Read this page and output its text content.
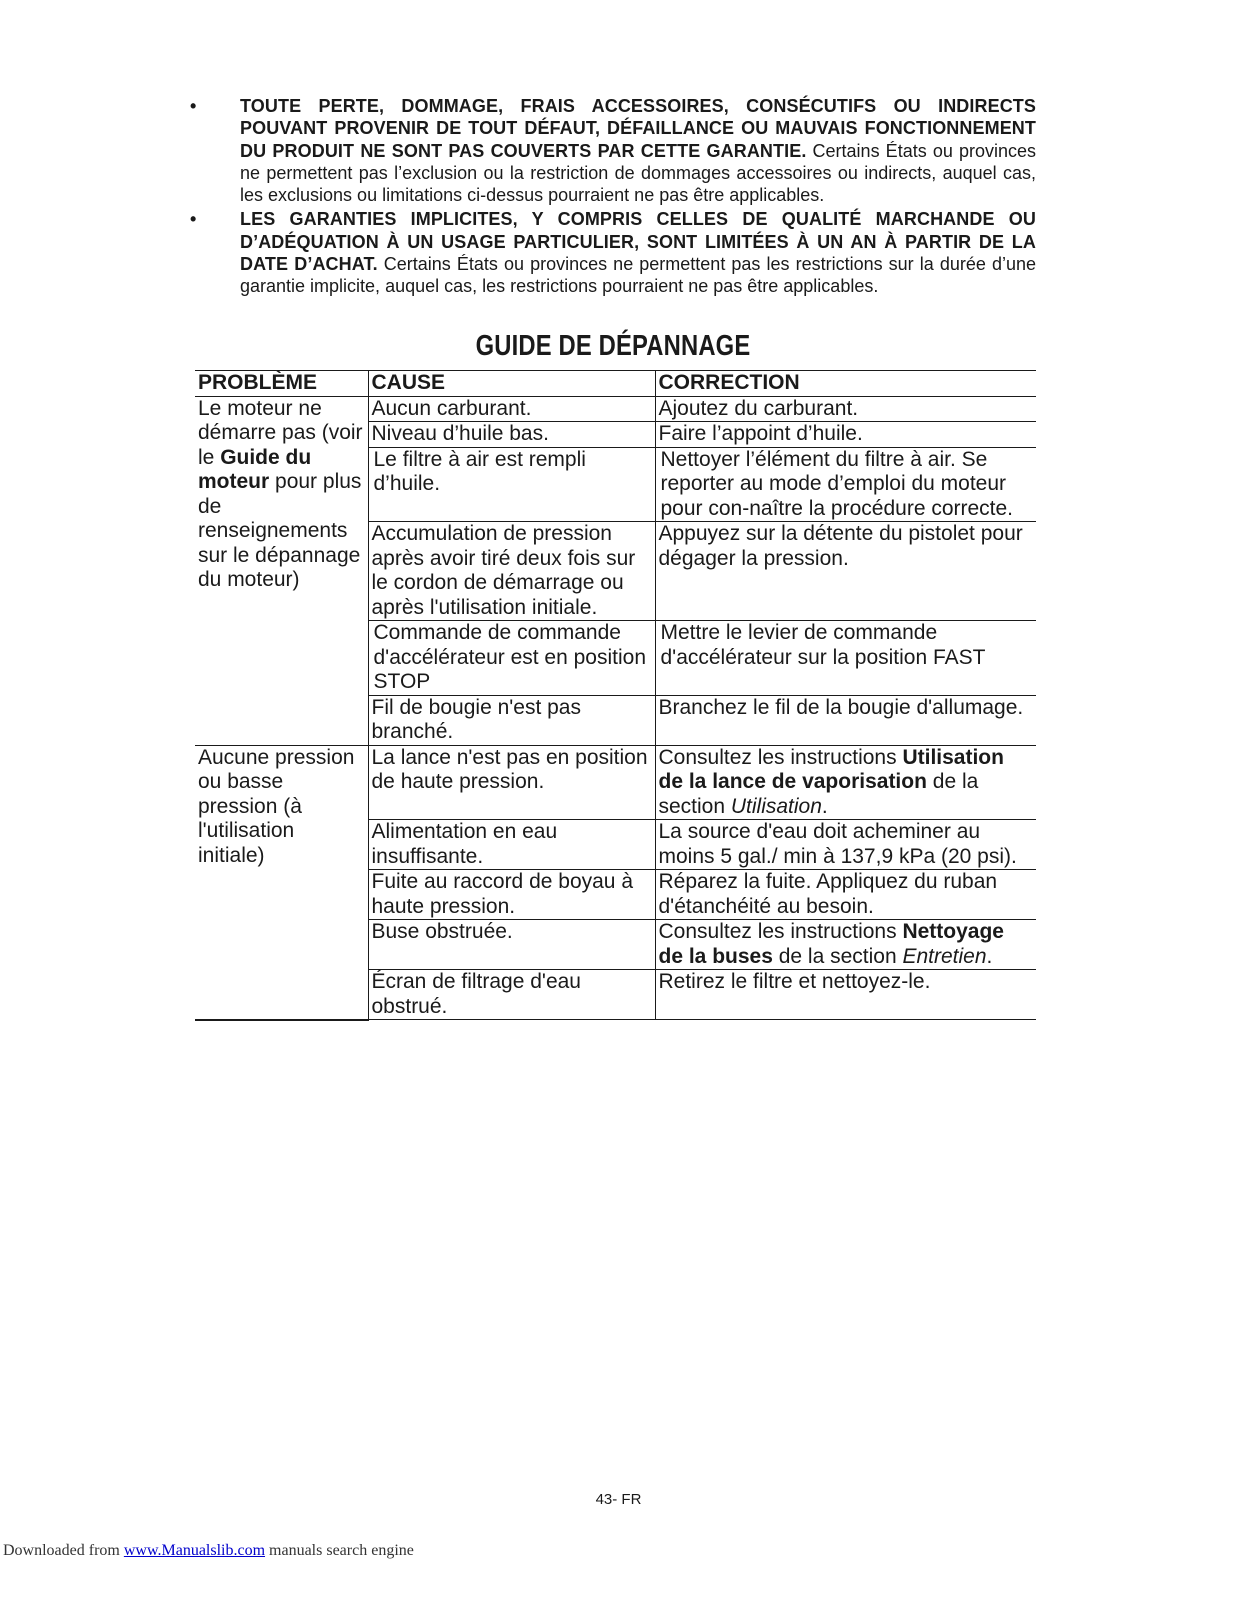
• TOUTE PERTE, DOMMAGE, FRAIS ACCESSOIRES, CONSÉCUTIFS OU INDIRECTS POUVANT PROVENIR DE TOUT DÉFAUT, DÉFAILLANCE OU MAUVAIS FONCTIONNEMENT DU PRODUIT NE SONT PAS COUVERTS PAR CETTE GARANTIE. Certains États ou provinces ne permettent pas l’exclusion ou la restriction de dommages accessoires ou indirects, auquel cas, les exclusions ou limitations ci-dessus pourraient ne pas être applicables.
• LES GARANTIES IMPLICITES, Y COMPRIS CELLES DE QUALITÉ MARCHANDE OU D’ADÉQUATION À UN USAGE PARTICULIER, SONT LIMITÉES À UN AN À PARTIR DE LA DATE D’ACHAT. Certains États ou provinces ne permettent pas les restrictions sur la durée d’une garantie implicite, auquel cas, les restrictions pourraient ne pas être applicables.
GUIDE DE DÉPANNAGE
PROBLÈME	CAUSE	CORRECTION
Le moteur ne démarre pas (voir le Guide du moteur pour plus de renseignements sur le dépannage du moteur)	Aucun carburant.	Ajoutez du carburant.
	Niveau d’huile bas.	Faire l’appoint d’huile.
	Le filtre à air est rempli d’huile.	Nettoyer l’élément du filtre à air. Se reporter au mode d’emploi du moteur pour con-naître la procédure correcte.
	Accumulation de pression après avoir tiré deux fois sur le cordon de démarrage ou après l'utilisation initiale.	Appuyez sur la détente du pistolet pour dégager la pression.
	Commande de commande d'accélérateur est en position STOP	Mettre le levier de commande d'accélérateur sur la position FAST
	Fil de bougie n'est pas branché.	Branchez le fil de la bougie d'allumage.
Aucune pression ou basse pression (à l'utilisation initiale)	La lance n'est pas en position de haute pression.	Consultez les instructions Utilisation de la lance de vaporisation de la section Utilisation.
	Alimentation en eau insuffisante.	La source d'eau doit acheminer au moins 5 gal./ min à 137,9 kPa (20 psi).
	Fuite au raccord de boyau à haute pression.	Réparez la fuite. Appliquez du ruban d'étanchéité au besoin.
	Buse obstruée.	Consultez les instructions Nettoyage de la buses de la section Entretien.
	Écran de filtrage d'eau obstrué.	Retirez le filtre et nettoyez-le.
43- FR
Downloaded from www.Manualslib.com manuals search engine
